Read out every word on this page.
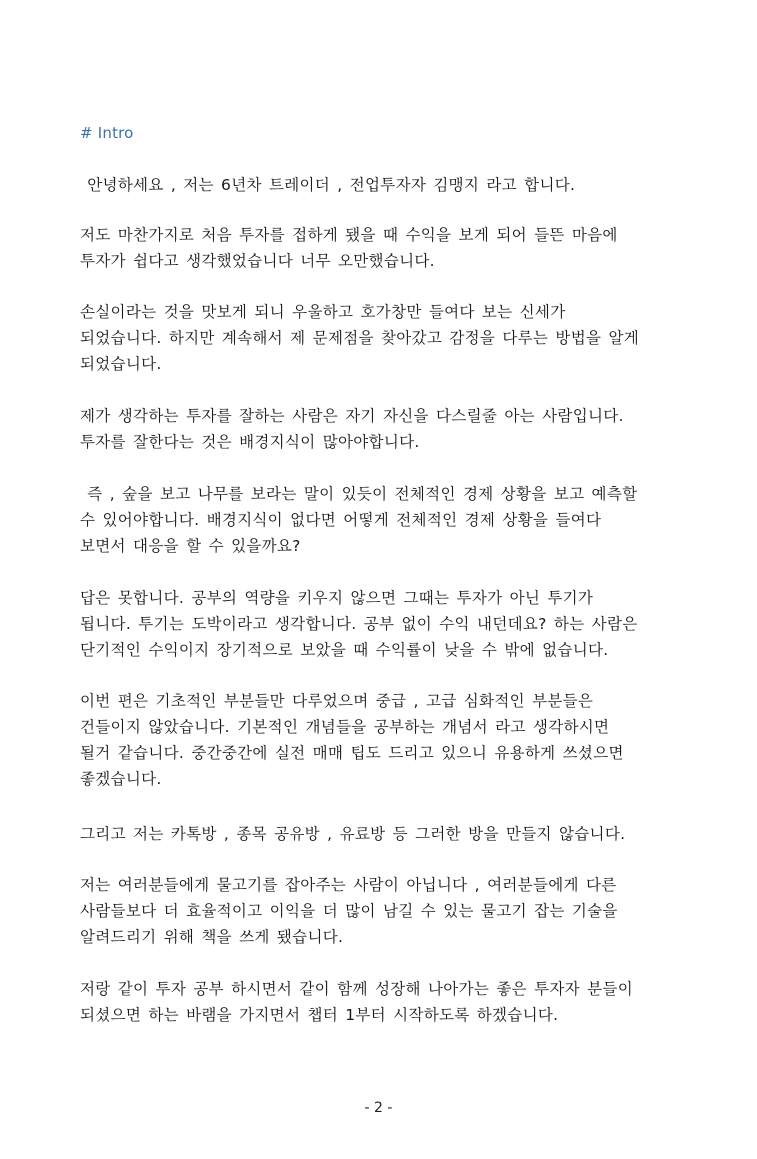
# Intro
안녕하세요 , 저는 6년차 트레이더 , 전업투자자 김맹지 라고 합니다.
저도 마찬가지로 처음 투자를 접하게 됐을 때 수익을 보게 되어 들뜬 마음에
투자가 쉽다고 생각했었습니다 너무 오만했습니다.
손실이라는 것을 맛보게 되니 우울하고 호가창만 들여다 보는 신세가
되었습니다. 하지만 계속해서 제 문제점을 찾아갔고 감정을 다루는 방법을 알게
되었습니다.
제가 생각하는 투자를 잘하는 사람은 자기 자신을 다스릴줄 아는 사람입니다.
투자를 잘한다는 것은 배경지식이 많아야합니다.
즉 , 숲을 보고 나무를 보라는 말이 있듯이 전체적인 경제 상황을 보고 예측할
수 있어야합니다. 배경지식이 없다면 어떻게 전체적인 경제 상황을 들여다
보면서 대응을 할 수 있을까요?
답은 못합니다. 공부의 역량을 키우지 않으면 그때는 투자가 아닌 투기가
됩니다. 투기는 도박이라고 생각합니다. 공부 없이 수익 내던데요? 하는 사람은
단기적인 수익이지 장기적으로 보았을 때 수익률이 낮을 수 밖에 없습니다.
이번 편은 기초적인 부분들만 다루었으며 중급 , 고급 심화적인 부분들은
건들이지 않았습니다. 기본적인 개념들을 공부하는 개념서 라고 생각하시면
될거 같습니다. 중간중간에 실전 매매 팁도 드리고 있으니 유용하게 쓰셨으면
좋겠습니다.
그리고 저는 카톡방 , 종목 공유방 , 유료방 등 그러한 방을 만들지 않습니다.
저는 여러분들에게 물고기를 잡아주는 사람이 아닙니다 , 여러분들에게 다른
사람들보다 더 효율적이고 이익을 더 많이 남길 수 있는 물고기 잡는 기술을
알려드리기 위해 책을 쓰게 됐습니다.
저랑 같이 투자 공부 하시면서 같이 함께 성장해 나아가는 좋은 투자자 분들이
되셨으면 하는 바램을 가지면서 챕터 1부터 시작하도록 하겠습니다.
- 2 -
